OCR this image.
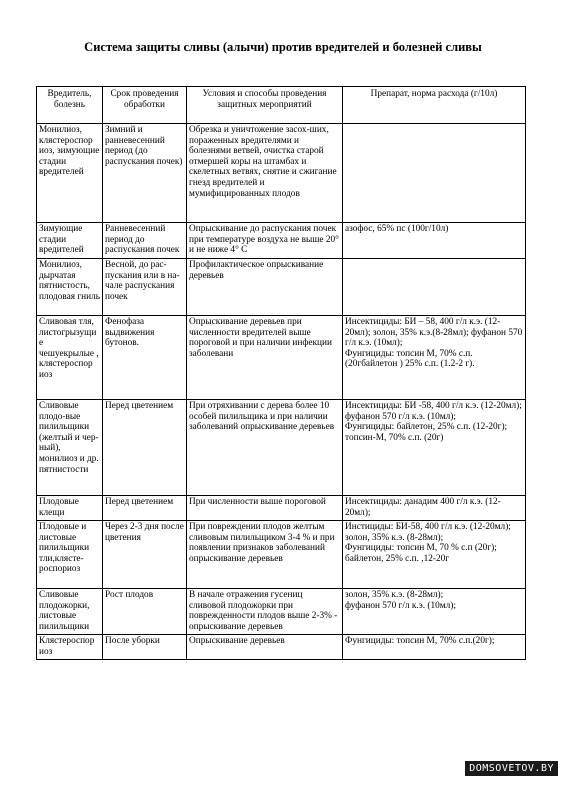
Система защиты сливы (алычи) против вредителей и болезней сливы
Вредитель, болезнь	Срок проведения обработки	Условия и способы проведения защитных мероприятий	Препарат, норма расхода (г/10л)
Монилиоз, клястероспор иоз, зимующие стадии вредителей	Зимний и ранневесенний период (до распускания почек)	Обрезка и уничтожение засох-ших, пораженных вредителями и болезнями ветвей, очистка старой отмершей коры на штамбах и скелетных ветвях, снятие и сжигание гнезд вредителей и мумифицированных плодов	
Зимующие стадии вредителей	Ранневесенний период до распускания почек	Опрыскивание до распускания почек при температуре воздуха не выше 20° и не ниже 4° С	азофос, 65% пс (100г/10л)
Монилиоз, дырчатая пятнистость, плодовая гниль	Весной, до рас-пускания или в на-чале распускания почек	Профилактическое опрыскивание деревьев	
Сливовая тля, листогрызущие чешуекрылые , клястероспор иоз	Фенофаза выдвижения бутонов.	Опрыскивание деревьев при численности вредителей выше пороговой и при наличии инфекции заболевани	Инсектициды: БИ – 58, 400 г/л к.э. (12-20мл); золон, 35% к.э.(8-28мл); фуфанон 570 г/л к.э. (10мл);
Фунгициды: топсин М, 70% с.п. (20гбайлетон ) 25% с.п. (1.2-2 г).
Сливовые плодо-вые пилильщики (желтый и чер-ный), монилиоз и др. пятнистости	Перед цветением	При отряхивании с дерева более 10 особей пилильщика и при наличии заболеваний опрыскивание деревьев	Инсектициды: БИ -58, 400 г/л к.э. (12-20мл); фуфанон 570 г/л к.э. (10мл);
Фунгициды: байлетон, 25% с.п. (12-20г); топсин-М, 70% с.п. (20г)
Плодовые клещи	Перед цветением	При численности выше пороговой	Инсектициды: данадим 400 г/л к.э. (12-20мл);
Плодовые и листовые пилильщики тли,клясте-роспориоз	Через 2-3 дня после цветения	При повреждении плодов желтым сливовым пилильщиком 3-4 % и при появлении признаков заболеваний опрыскивание деревьев	Инстициды: БИ-58, 400 г/л к.э. (12-20мл); золон, 35% к.э. (8-28мл);
Фунгициды: топсин М, 70 % с.п (20г); байлетон, 25% с.п. ,12-20г
Сливовые плодожорки, листовые пилильщики	Рост плодов	В начале отражения гусениц сливовой плодожорки при поврежденности плодов выше 2-3% - опрыскивание деревьев	золон, 35% к.э. (8-28мл);
фуфанон 570 г/л к.э. (10мл);
Клястероспор иоз	После уборки	Опрыскивание деревьев	Фунгициды: топсин М, 70% с.п.(20г);
DOMSOVETOV.BY
